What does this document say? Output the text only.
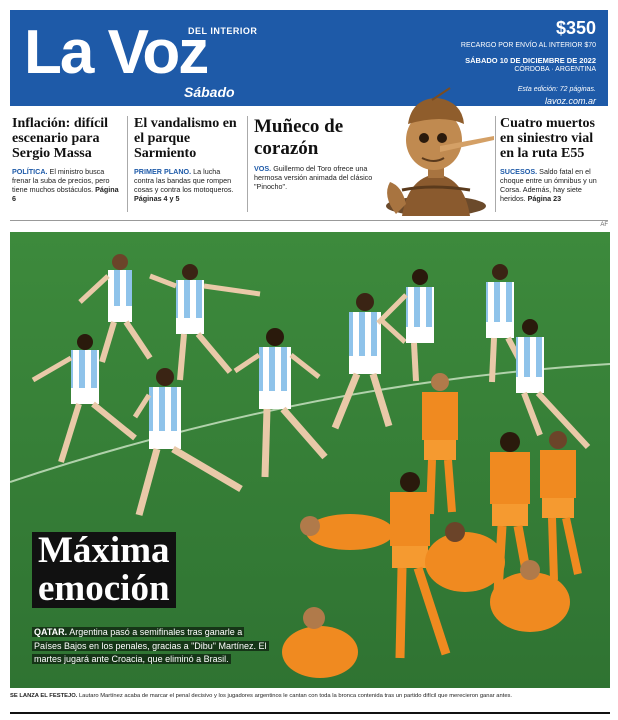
La Voz
DEL INTERIOR
Sábado
$350
RECARGO POR ENVÍO AL INTERIOR $70
SÁBADO 10 DE DICIEMBRE DE 2022
CÓRDOBA · ARGENTINA
Esta edición: 72 páginas.
lavoz.com.ar
Inflación: difícil escenario para Sergio Massa

POLÍTICA. El ministro busca frenar la suba de precios, pero tiene muchos obstáculos. Página 6

El vandalismo en el parque Sarmiento

PRIMER PLANO. La lucha contra las bandas que rompen cosas y contra los motoqueros. Páginas 4 y 5

Muñeco de corazón

VOS. Guillermo del Toro ofrece una hermosa versión animada del clásico "Pinocho".

Cuatro muertos en siniestro vial en la ruta E55

SUCESOS. Saldo fatal en el choque entre un ómnibus y un Corsa. Además, hay siete heridos. Página 23

AF
Máxima
emoción
QATAR. Argentina pasó a semifinales tras ganarle a Países Bajos en los penales, gracias a "Dibu" Martínez. El martes jugará ante Croacia, que eliminó a Brasil.
SE LANZA EL FESTEJO. Lautaro Martínez acaba de marcar el penal decisivo y los jugadores argentinos le cantan con toda la bronca contenida tras un partido difícil que merecieron ganar antes.
